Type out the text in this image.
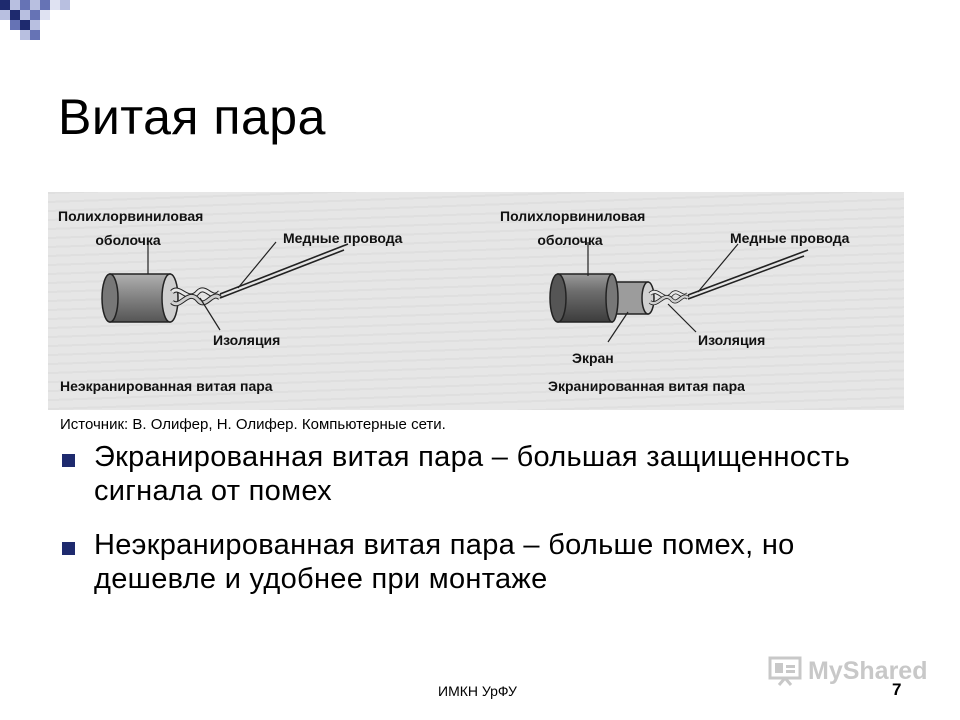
Витая пара
Полихлорвиниловая
оболочка	Медные провода
Изоляция
Неэкранированная витая пара
Полихлорвиниловая
оболочка	Медные провода
Экран
Изоляция
Экранированная витая пара
Источник: В. Олифер, Н. Олифер. Компьютерные сети.
Экранированная витая пара – большая защищенность сигнала от помех
Неэкранированная витая пара – больше помех, но дешевле и удобнее при монтаже
MyShared
ИМКН УрФУ	7
